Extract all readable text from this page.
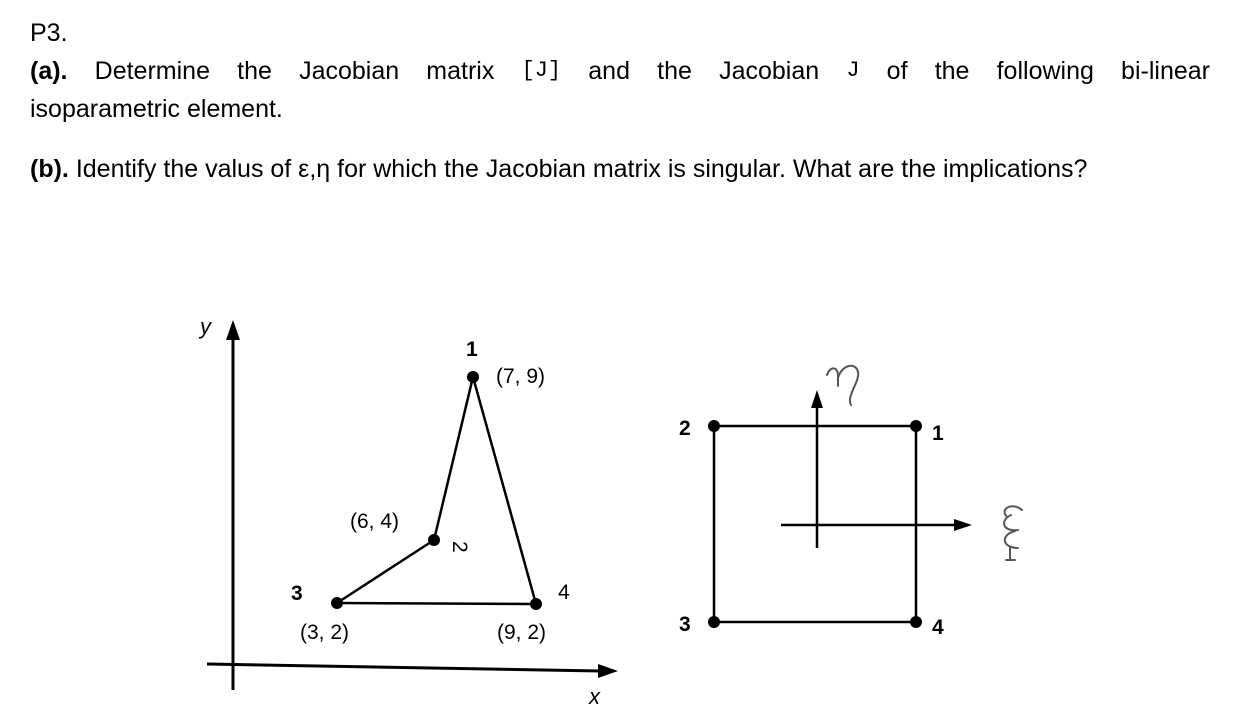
P3.
(a). Determine the Jacobian matrix [J] and the Jacobian J of the following bi-linear
isoparametric element.
(b). Identify the valus of ε,η for which the Jacobian matrix is singular. What are the implications?
y
x
1
2
3	4
(7, 9)
(6, 4)
(3, 2)	(9, 2)
η
ξ
1
2
3	4
